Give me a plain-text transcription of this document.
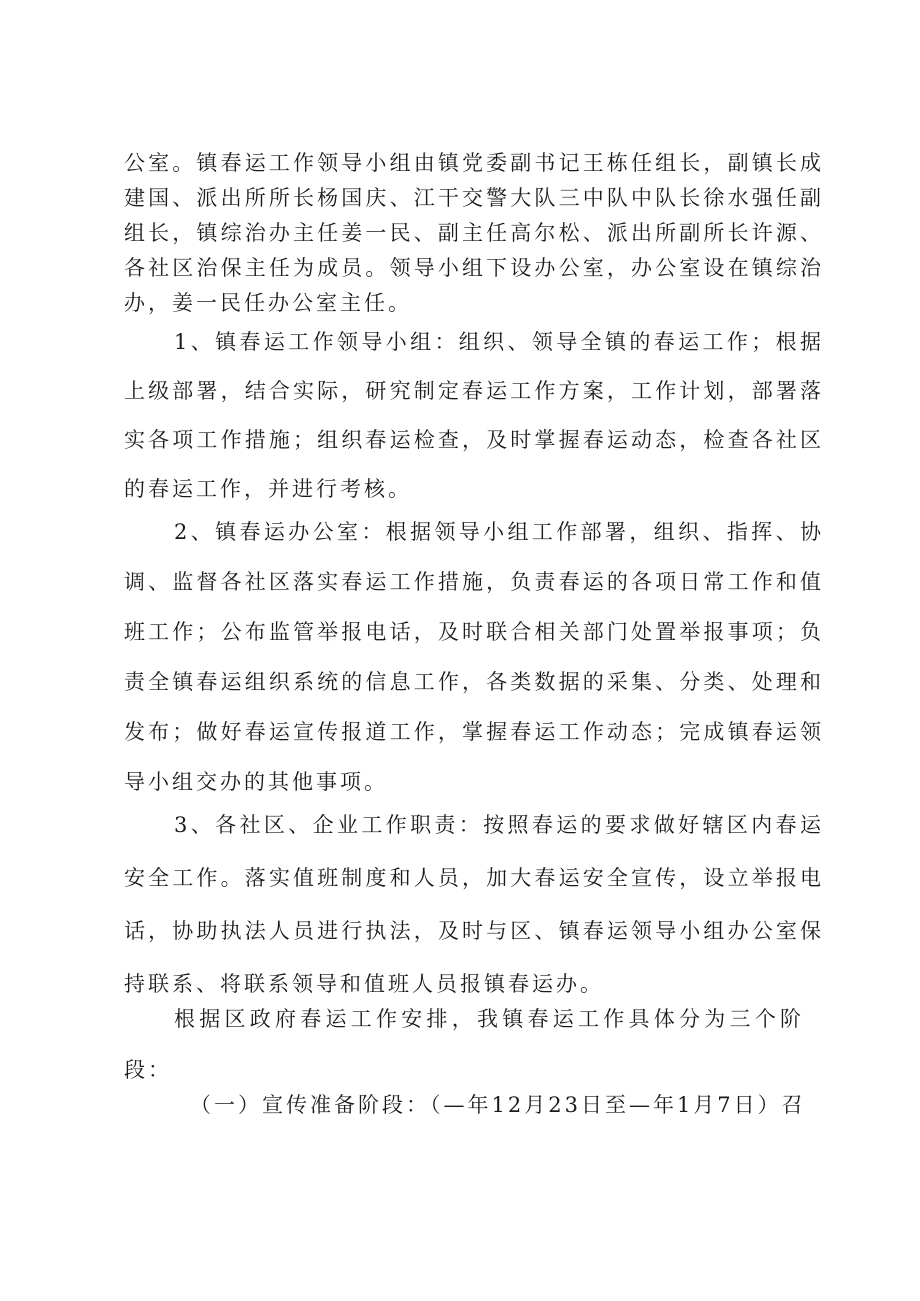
公室。镇春运工作领导小组由镇党委副书记王栋任组长，副镇长成建国、派出所所长杨国庆、江干交警大队三中队中队长徐水强任副组长，镇综治办主任姜一民、副主任高尔松、派出所副所长许源、各社区治保主任为成员。领导小组下设办公室，办公室设在镇综治办，姜一民任办公室主任。

1、镇春运工作领导小组：组织、领导全镇的春运工作；根据上级部署，结合实际，研究制定春运工作方案，工作计划，部署落实各项工作措施；组织春运检查，及时掌握春运动态，检查各社区的春运工作，并进行考核。

2、镇春运办公室：根据领导小组工作部署，组织、指挥、协调、监督各社区落实春运工作措施，负责春运的各项日常工作和值班工作；公布监管举报电话，及时联合相关部门处置举报事项；负责全镇春运组织系统的信息工作，各类数据的采集、分类、处理和发布；做好春运宣传报道工作，掌握春运工作动态；完成镇春运领导小组交办的其他事项。

3、各社区、企业工作职责：按照春运的要求做好辖区内春运安全工作。落实值班制度和人员，加大春运安全宣传，设立举报电话，协助执法人员进行执法，及时与区、镇春运领导小组办公室保持联系、将联系领导和值班人员报镇春运办。

根据区政府春运工作安排，我镇春运工作具体分为三个阶段：

（一）宣传准备阶段：（—年12月23日至—年1月7日）召
